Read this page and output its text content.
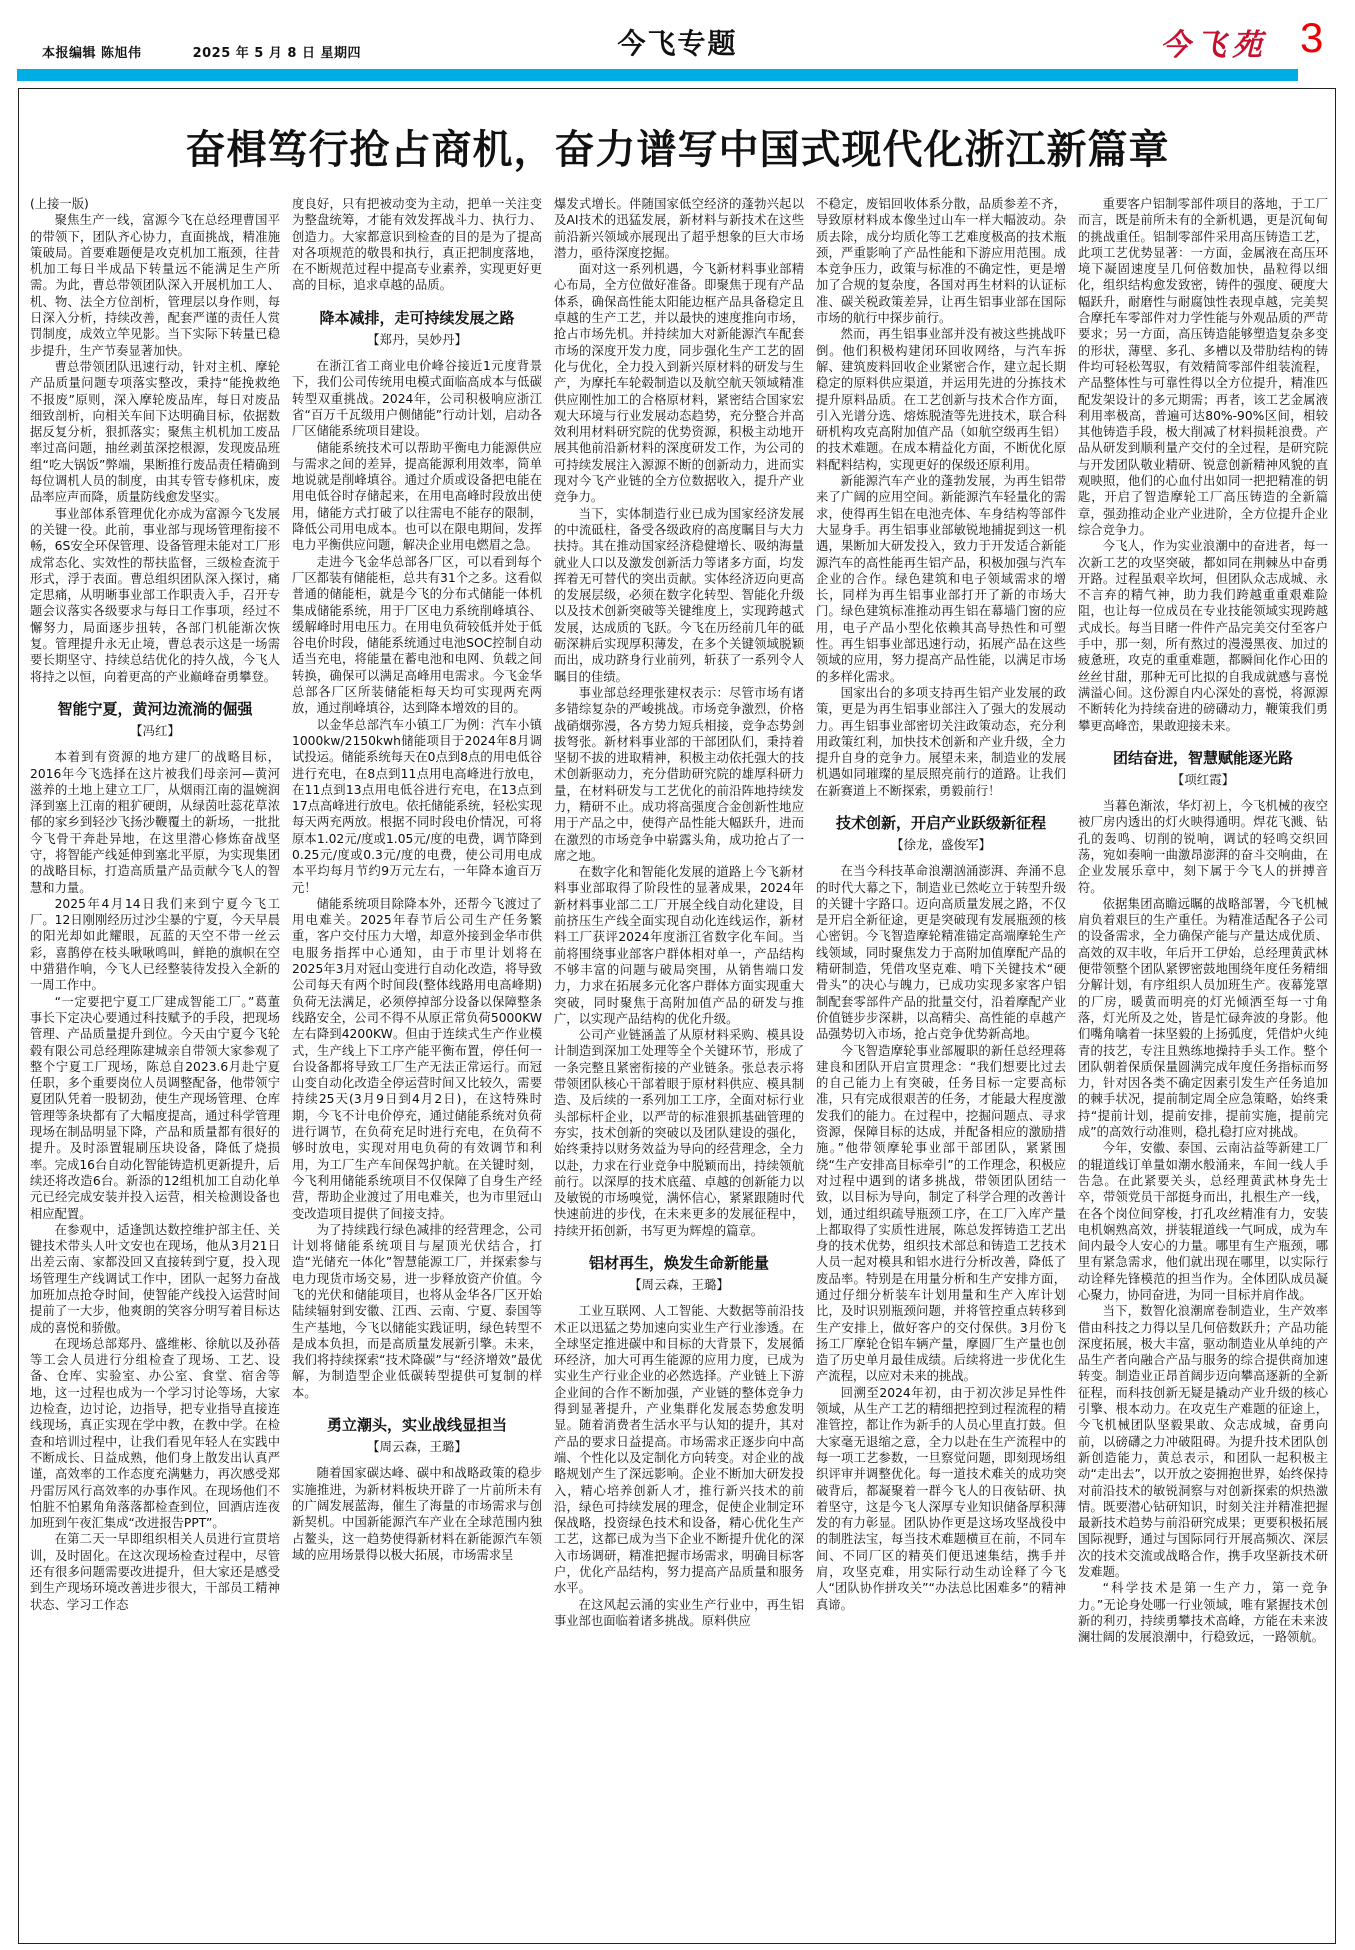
本报编辑 陈旭伟	2025 年 5 月 8 日 星期四	今飞专题	今飞苑 3
奋楫笃行抢占商机，奋力谱写中国式现代化浙江新篇章

(上接一版)

聚焦生产一线，富源今飞在总经理曹国平的带领下，团队齐心协力，直面挑战，精准施策破局。首要难题便是攻克机加工瓶颈，往昔机加工每日半成品下转量远不能满足生产所需。为此，曹总带领团队深入开展机加工人、机、物、法全方位剖析，管理层以身作则，每日深入分析，持续改善，配套严谨的责任人赏罚制度，成效立竿见影。当下实际下转量已稳步提升，生产节奏显著加快。

曹总带领团队迅速行动，针对主机、摩轮产品质量问题专项落实整改，秉持“能挽救绝不报废”原则，深入摩轮废品库，每日对废品细致剖析，向相关车间下达明确目标，依据数据反复分析，狠抓落实；聚焦主机机加工废品率过高问题，抽丝剥茧深挖根源，发现废品班组“吃大锅饭”弊端，果断推行废品责任精确到每位调机人员的制度，由其专管专修机床，废品率应声而降，质量防线愈发坚实。

事业部体系管理优化亦成为富源今飞发展的关键一役。此前，事业部与现场管理衔接不畅，6S安全环保管理、设备管理未能对工厂形成常态化、实效性的帮扶监督，三级检查流于形式，浮于表面。曹总组织团队深入探讨，痛定思痛，从明晰事业部工作职责入手，召开专题会议落实各级要求与每日工作事项，经过不懈努力，局面逐步扭转，各部门机能渐次恢复。管理提升永无止境，曹总表示这是一场需要长期坚守、持续总结优化的持久战，今飞人将持之以恒，向着更高的产业巅峰奋勇攀登。

智能宁夏，黄河边流淌的倔强

【冯红】

本着到有资源的地方建厂的战略目标，2016年今飞选择在这片被我们母亲河—黄河滋养的土地上建立工厂，从烟雨江南的温婉润泽到塞上江南的粗犷硬朗，从绿茵吐蕊花草浓郁的家乡到轻沙飞扬沙鞭覆土的新场，一批批今飞骨干奔赴异地，在这里潜心修炼奋战坚守，将智能产线延伸到塞北平原，为实现集团的战略目标，打造高质量产品贡献今飞人的智慧和力量。

2025年4月14日我们来到宁夏今飞工厂。12日刚刚经历过沙尘暴的宁夏，今天早晨的阳光却如此耀眼，瓦蓝的天空不带一丝云彩，喜鹊停在枝头啾啾鸣叫，鲜艳的旗帜在空中猎猎作响，今飞人已经整装待发投入全新的一周工作中。

“一定要把宁夏工厂建成智能工厂。”葛董事长下定决心要通过科技赋予的手段，把现场管理、产品质量提升到位。今天由宁夏今飞轮毂有限公司总经理陈建城亲自带领大家参观了整个宁夏工厂现场，陈总自2023.6月赴宁夏任职，多个重要岗位人员调整配备，他带领宁夏团队凭着一股韧劲，使生产现场管理、仓库管理等条块都有了大幅度提高，通过科学管理现场在制品明显下降，产品和质量都有很好的提升。及时添置辊刷压块设备，降低了烧损率。完成16台自动化智能铸造机更新提升，后续还将改造6台。新添的12组机加工自动化单元已经完成安装并投入运营，相关检测设备也相应配置。

在参观中，适逢凯达数控维护部主任、关键技术带头人叶文安也在现场，他从3月21日出差云南、家都没回又直接转到宁夏，投入现场管理生产线调试工作中，团队一起努力奋战加班加点抢夺时间，使智能产线投入运营时间提前了一大步，他爽朗的笑容分明写着目标达成的喜悦和骄傲。

在现场总部郑丹、盛维彬、徐航以及孙蓓等工会人员进行分组检查了现场、工艺、设备、仓库、实验室、办公室、食堂、宿舍等地，这一过程也成为一个学习讨论等场，大家边检查，边讨论，边指导，把专业指导直接连线现场，真正实现在学中教，在教中学。在检查和培训过程中，让我们看见年轻人在实践中不断成长、日益成熟，他们身上散发出认真严谨，高效率的工作态度充满魅力，再次感受郑丹雷厉风行高效率的办事作风。在现场他们不怕脏不怕累角角落落都检查到位，回酒店连夜加班到午夜汇集成“改进报告PPT”。

在第二天一早即组织相关人员进行宣贯培训，及时固化。在这次现场检查过程中，尽管还有很多问题需要改进提升，但大家还是感受到生产现场环境改善进步很大，干部员工精神状态、学习工作态

度良好，只有把被动变为主动，把单一关注变为整盘统筹，才能有效发挥战斗力、执行力、创造力。大家都意识到检查的目的是为了提高对各项规范的敬畏和执行，真正把制度落地，在不断规范过程中提高专业素养，实现更好更高的目标，追求卓越的品质。

降本减排，走可持续发展之路

【郑丹，吴妙丹】

在浙江省工商业电价峰谷接近1元度背景下，我们公司传统用电模式面临高成本与低碳转型双重挑战。2024年，公司积极响应浙江省“百万千瓦级用户侧储能”行动计划，启动各厂区储能系统项目建设。

储能系统技术可以帮助平衡电力能源供应与需求之间的差异，提高能源利用效率，简单地说就是削峰填谷。通过介质或设备把电能在用电低谷时存储起来，在用电高峰时段放出使用，储能方式打破了以往需电不能存的限制，降低公司用电成本。也可以在限电期间，发挥电力平衡供应问题，解决企业用电燃眉之急。

走进今飞金华总部各厂区，可以看到每个厂区都装有储能柜，总共有31个之多。这看似普通的储能柜，就是今飞的分布式储能一体机集成储能系统，用于厂区电力系统削峰填谷、缓解峰时用电压力。在用电负荷较低并处于低谷电价时段，储能系统通过电池SOC控制自动适当充电，将能量在蓄电池和电网、负载之间转换，确保可以满足高峰用电需求。今飞金华总部各厂区所装储能柜每天均可实现两充两放，通过削峰填谷，达到降本增效的目的。

以金华总部汽车小镇工厂为例：汽车小镇1000kw/2150kwh储能项目于2024年8月调试投运。储能系统每天在0点到8点的用电低谷进行充电，在8点到11点用电高峰进行放电，在11点到13点用电低谷进行充电，在13点到17点高峰进行放电。依托储能系统，轻松实现每天两充两放。根据不同时段电价情况，可将原本1.02元/度或1.05元/度的电费，调节降到0.25元/度或0.3元/度的电费，使公司用电成本平均每月节约9万元左右，一年降本逾百万元！

储能系统项目除降本外，还帮今飞渡过了用电难关。2025年春节后公司生产任务繁重，客户交付压力大增，却意外接到金华市供电服务指挥中心通知，由于市里计划将在2025年3月对冠山变进行自动化改造，将导致公司每天有两个时间段(整体线路用电高峰期)负荷无法满足，必须停掉部分设备以保障整条线路安全，公司不得不从原正常负荷5000KW左右降到4200KW。但由于连续式生产作业模式，生产线上下工序产能平衡布置，停任何一台设备都将导致工厂生产无法正常运行。而冠山变自动化改造全停运营时间又比较久，需要持续25天(3月9日到4月2日)，在这特殊时期，今飞不计电价停充，通过储能系统对负荷进行调节，在负荷充足时进行充电，在负荷不够时放电，实现对用电负荷的有效调节和利用，为工厂生产车间保驾护航。在关键时刻，今飞利用储能系统项目不仅保障了自身生产经营，帮助企业渡过了用电难关，也为市里冠山变改造项目提供了间接支持。

为了持续践行绿色减排的经营理念，公司计划将储能系统项目与屋顶光伏结合，打造“光储充一体化”智慧能源工厂，并探索参与电力现货市场交易，进一步释放资产价值。今飞的光伏和储能项目，也将从金华各厂区开始陆续辐射到安徽、江西、云南、宁夏、泰国等生产基地，今飞以储能实践证明，绿色转型不是成本负担，而是高质量发展新引擎。未来，我们将持续探索“技术降碳”与“经济增效”最优解，为制造型企业低碳转型提供可复制的样本。

勇立潮头，实业战线显担当

【周云森，王璐】

随着国家碳达峰、碳中和战略政策的稳步实施推进，为新材料板块开辟了一片前所未有的广阔发展蓝海，催生了海量的市场需求与创新契机。中国新能源汽车产业在全球范围内独占鳌头，这一趋势使得新材料在新能源汽车领域的应用场景得以极大拓展，市场需求呈

爆发式增长。伴随国家低空经济的蓬勃兴起以及AI技术的迅猛发展，新材料与新技术在这些前沿新兴领域亦展现出了超乎想象的巨大市场潜力，亟待深度挖掘。

面对这一系列机遇，今飞新材料事业部精心布局，全方位做好准备。即聚焦于现有产品体系，确保高性能太阳能边框产品具备稳定且卓越的生产工艺，并以最快的速度推向市场，抢占市场先机。并持续加大对新能源汽车配套市场的深度开发力度，同步强化生产工艺的固化与优化，全力投入到新兴原材料的研发与生产，为摩托车轮毂制造以及航空航天领域精准供应刚性加工的合格原材料，紧密结合国家宏观大环境与行业发展动态趋势，充分整合并高效利用材料研究院的优势资源，积极主动地开展其他前沿新材料的深度研发工作，为公司的可持续发展注入源源不断的创新动力，进而实现对今飞产业链的全方位数据收入，提升产业竞争力。

当下，实体制造行业已成为国家经济发展的中流砥柱，备受各级政府的高度瞩目与大力扶持。其在推动国家经济稳健增长、吸纳海量就业人口以及激发创新活力等诸多方面，均发挥着无可替代的突出贡献。实体经济迈向更高的发展层级，必须在数字化转型、智能化升级以及技术创新突破等关键维度上，实现跨越式发展，达成质的飞跃。今飞在历经前几年的砥砺深耕后实现厚积薄发，在多个关键领域脱颖而出，成功跻身行业前列，斩获了一系列令人瞩目的佳绩。

事业部总经理张建权表示：尽管市场有诸多错综复杂的严峻挑战。市场竞争激烈，价格战硝烟弥漫，各方势力短兵相接，竞争态势剑拔弩张。新材料事业部的干部团队们，秉持着坚韧不拔的进取精神，积极主动依托强大的技术创新驱动力，充分借助研究院的雄厚科研力量，在材料研发与工艺优化的前沿阵地持续发力，精研不止。成功将高强度合金创新性地应用于产品之中，使得产品性能大幅跃升，进而在激烈的市场竞争中崭露头角，成功抢占了一席之地。

在数字化和智能化发展的道路上今飞新材料事业部取得了阶段性的显著成果，2024年新材料事业部二工厂开展全线自动化建设，目前挤压生产线全面实现自动化连线运作，新材料工厂获评2024年度浙江省数字化车间。当前将围绕事业部客户群体相对单一，产品结构不够丰富的问题与破局突围，从销售端口发力，力求在拓展多元化客户群体方面实现重大突破，同时聚焦于高附加值产品的研发与推广，以实现产品结构的优化升级。

公司产业链涵盖了从原材料采购、模具设计制造到深加工处理等全个关键环节，形成了一条完整且紧密衔接的产业链条。张总表示将带领团队核心干部着眼于原材料供应、模具制造、及后续的一系列加工工序，全面对标行业头部标杆企业，以严苛的标准狠抓基础管理的夯实，技术创新的突破以及团队建设的强化，始终秉持以财务效益为导向的经营理念，全力以赴，力求在行业竞争中脱颖而出，持续领航前行。以深厚的技术底蕴、卓越的创新能力以及敏锐的市场嗅觉，满怀信心，紧紧跟随时代快速前进的步伐，在未来更多的发展征程中，持续开拓创新，书写更为辉煌的篇章。

铝材再生，焕发生命新能量

【周云森，王璐】

工业互联网、人工智能、大数据等前沿技术正以迅猛之势加速向实业生产行业渗透。在全球坚定推进碳中和目标的大背景下，发展循环经济，加大可再生能源的应用力度，已成为实业生产行业企业的必然选择。产业链上下游企业间的合作不断加强，产业链的整体竞争力得到显著提升，产业集群化发展态势愈发明显。随着消费者生活水平与认知的提升，其对产品的要求日益提高。市场需求正逐步向中高端、个性化以及定制化方向转变。对企业的战略规划产生了深远影响。企业不断加大研发投入，精心培养创新人才，推行新兴技术的前沿，绿色可持续发展的理念，促使企业制定环保战略，投资绿色技术和设备，精心优化生产工艺，这都已成为当下企业不断提升优化的深入市场调研，精准把握市场需求，明确目标客户，优化产品结构，努力提高产品质量和服务水平。

在这风起云涌的实业生产行业中，再生铝事业部也面临着诸多挑战。原料供应

不稳定，废铝回收体系分散，品质参差不齐，导致原材料成本像坐过山车一样大幅波动。杂质去除，成分均质化等工艺难度极高的技术瓶颈，严重影响了产品性能和下游应用范围。成本竞争压力，政策与标准的不确定性，更是增加了合规的复杂度，各国对再生材料的认证标准、碳关税政策差异，让再生铝事业部在国际市场的航行中探步前行。

然而，再生铝事业部并没有被这些挑战吓倒。他们积极构建闭环回收网络，与汽车拆解、建筑废料回收企业紧密合作，建立起长期稳定的原料供应渠道，并运用先进的分拣技术提升原料品质。在工艺创新与技术合作方面，引入光谱分选、熔炼脱渣等先进技术，联合科研机构攻克高附加值产品（如航空级再生铝）的技术难题。在成本精益化方面，不断优化原料配料结构，实现更好的保级还原利用。

新能源汽车产业的蓬勃发展，为再生铝带来了广阔的应用空间。新能源汽车轻量化的需求，使得再生铝在电池壳体、车身结构等部件大显身手。再生铝事业部敏锐地捕捉到这一机遇，果断加大研发投入，致力于开发适合新能源汽车的高性能再生铝产品，积极加强与汽车企业的合作。绿色建筑和电子领域需求的增长，同样为再生铝事业部打开了新的市场大门。绿色建筑标准推动再生铝在幕墙门窗的应用，电子产品小型化依赖其高导热性和可塑性。再生铝事业部迅速行动，拓展产品在这些领域的应用，努力提高产品性能，以满足市场的多样化需求。

国家出台的多项支持再生铝产业发展的政策，更是为再生铝事业部注入了强大的发展动力。再生铝事业部密切关注政策动态，充分利用政策红利，加快技术创新和产业升级，全力提升自身的竞争力。展望未来，制造业的发展机遇如同璀璨的星辰照亮前行的道路。让我们在新赛道上不断探索，勇毅前行！

技术创新，开启产业跃级新征程

【徐龙，盛俊军】

在当今科技革命浪潮汹涌澎湃、奔涌不息的时代大幕之下，制造业已然屹立于转型升级的关键十字路口。迈向高质量发展之路，不仅是开启全新征途，更是突破现有发展瓶颈的核心密钥。今飞智造摩轮精准锚定高端摩轮生产线领域，同时聚焦发力于高附加值摩配产品的精研制造，凭借攻坚克难、啃下关键技术“硬骨头”的决心与魄力，已成功实现多家客户铝制配套零部件产品的批量交付，沿着摩配产业价值链步步深耕，以高精尖、高性能的卓越产品强势切入市场，抢占竞争优势新高地。

今飞智造摩轮事业部履职的新任总经理蒋建良和团队开启宣贯理念：“我们想要比过去的自己能力上有突破，任务目标一定要高标准，只有完成很艰苦的任务，才能最大程度激发我们的能力。在过程中，挖掘问题点、寻求资源，保障目标的达成，并配备相应的激励措施。”他带领摩轮事业部干部团队，紧紧围绕“生产安排高目标牵引”的工作理念，积极应对过程中遇到的诸多挑战，带领团队团结一致，以目标为导向，制定了科学合理的改善计划，通过组织疏导瓶颈工序，在工厂入库产量上都取得了实质性进展，陈总发挥铸造工艺出身的技术优势，组织技术部总和铸造工艺技术人员一起对模具和铝水进行分析改善，降低了废品率。特别是在用量分析和生产安排方面，通过仔细分析装车计划用量和生产入库计划比，及时识别瓶颈问题，并将管控重点转移到生产安排上，做好客户的交付保供。3月份飞扬工厂摩轮仓铝车辆产量，摩圆厂生产量也创造了历史单月最佳成绩。后续将进一步优化生产流程，以应对未来的挑战。

回溯至2024年初，由于初次涉足异性件领域，从生产工艺的精细把控到过程流程的精准管控，都让作为新手的人员心里直打鼓。但大家毫无退缩之意，全力以赴在生产流程中的每一项工艺参数，一旦察觉问题，即刻现场组织评审并调整优化。每一道技术难关的成功突破背后，都凝聚着一群今飞人的日夜钻研、执着坚守，这是今飞人深厚专业知识储备厚积薄发的有力彰显。团队协作更是这场攻坚战役中的制胜法宝，每当技术难题横亘在前，不同车间、不同厂区的精英们便迅速集结，携手并肩，攻坚克难，用实际行动生动诠释了今飞人“团队协作拼攻关”“办法总比困难多”的精神真谛。

重要客户铝制零部件项目的落地，于工厂而言，既是前所未有的全新机遇，更是沉甸甸的挑战重任。铝制零部件采用高压铸造工艺，此项工艺优势显著：一方面，金属液在高压环境下凝固速度呈几何倍数加快，晶粒得以细化，组织结构愈发致密，铸件的强度、硬度大幅跃升，耐磨性与耐腐蚀性表现卓越，完美契合摩托车零部件对力学性能与外观品质的严苛要求；另一方面，高压铸造能够塑造复杂多变的形状，薄壁、多孔、多槽以及带肋结构的铸件均可轻松驾驭，有效精简零部件组装流程，产品整体性与可靠性得以全方位提升，精准匹配发架设计的多元期需；再者，该工艺金属液利用率极高，普遍可达80%-90%区间，相较其他铸造手段，极大削减了材料损耗浪费。产品从研发到顺利量产交付的全过程，是研究院与开发团队敬业精研、锐意创新精神风貌的直观映照，他们的心血付出如同一把把精准的钥匙，开启了智造摩轮工厂高压铸造的全新篇章，强劲推动企业产业进阶，全方位提升企业综合竞争力。

今飞人，作为实业浪潮中的奋进者，每一次新工艺的攻坚突破，都如同在荆棘丛中奋勇开路。过程虽艰辛坎坷，但团队众志成城、永不言弃的精气神，助力我们跨越重重艰难险阻，也让每一位成员在专业技能领域实现跨越式成长。每当目睹一件件产品完美交付至客户手中，那一刻，所有熬过的漫漫黑夜、加过的疲惫班，攻克的重重难题，都瞬间化作心田的丝丝甘甜，那种无可比拟的自我成就感与喜悦满溢心间。这份源自内心深处的喜悦，将源源不断转化为持续奋进的磅礴动力，鞭策我们勇攀更高峰峦，果敢迎接未来。

团结奋进，智慧赋能逐光路

【项红霞】

当暮色渐浓，华灯初上，今飞机械的夜空被厂房内透出的灯火映得通明。焊花飞溅、钻孔的轰鸣、切削的锐响，调试的轻鸣交织回荡，宛如奏响一曲激昂澎湃的奋斗交响曲，在企业发展乐章中，刻下属于今飞人的拼搏音符。

依据集团高瞻远瞩的战略部署，今飞机械肩负着艰巨的生产重任。为精准适配各子公司的设备需求，全力确保产能与产量达成优质、高效的双丰收，年后开工伊始，总经理黄武林便带领整个团队紧锣密鼓地围绕年度任务精细分解计划，有序组织人员加班生产。夜幕笼罩的厂房，暖黄而明亮的灯光倾洒至每一寸角落，灯光所及之处，皆是忙碌奔波的身影。他们嘴角噙着一抹坚毅的上扬弧度，凭借炉火纯青的技艺，专注且熟练地操持手头工作。整个团队朝着保质保量圆满完成年度任务指标而努力，针对因各类不确定因素引发生产任务追加的棘手状况，提前制定周全应急策略，始终秉持“提前计划，提前安排，提前实施，提前完成”的高效行动准则，稳扎稳打应对挑战。

今年，安徽、泰国、云南沾益等新建工厂的辊道线订单量如潮水般涌来，车间一线人手告急。在此紧要关头，总经理黄武林身先士卒，带领党员干部挺身而出，扎根生产一线，在各个岗位间穿梭，打孔攻丝精准有力，安装电机娴熟高效，拼装辊道线一气呵成，成为车间内最令人安心的力量。哪里有生产瓶颈，哪里有紧急需求，他们就出现在哪里，以实际行动诠释先锋模范的担当作为。全体团队成员凝心聚力，协同奋进，为同一目标并肩作战。

当下，数智化浪潮席卷制造业，生产效率借由科技之力得以呈几何倍数跃升；产品功能深度拓展，极大丰富，驱动制造业从单纯的产品生产者向融合产品与服务的综合提供商加速转变。制造业正昂首阔步迈向攀高逐新的全新征程，而科技创新无疑是撬动产业升级的核心引擎、根本动力。在攻克生产难题的征途上，今飞机械团队坚毅果敢、众志成城，奋勇向前，以磅礴之力冲破阻碍。为提升技术团队创新创造能力，黄总表示，和团队一起积极主动“走出去”，以开放之姿拥抱世界，始终保持对前沿技术的敏锐洞察与对创新探索的炽热激情。既要潜心钻研知识，时刻关注并精准把握最新技术趋势与前沿研究成果；更要积极拓展国际视野，通过与国际同行开展高频次、深层次的技术交流或战略合作，携手攻坚新技术研发难题。

“科学技术是第一生产力，第一竞争力。”无论身处哪一行业领域，唯有紧握技术创新的利刃，持续勇攀技术高峰，方能在未来波澜壮阔的发展浪潮中，行稳致远，一路领航。
